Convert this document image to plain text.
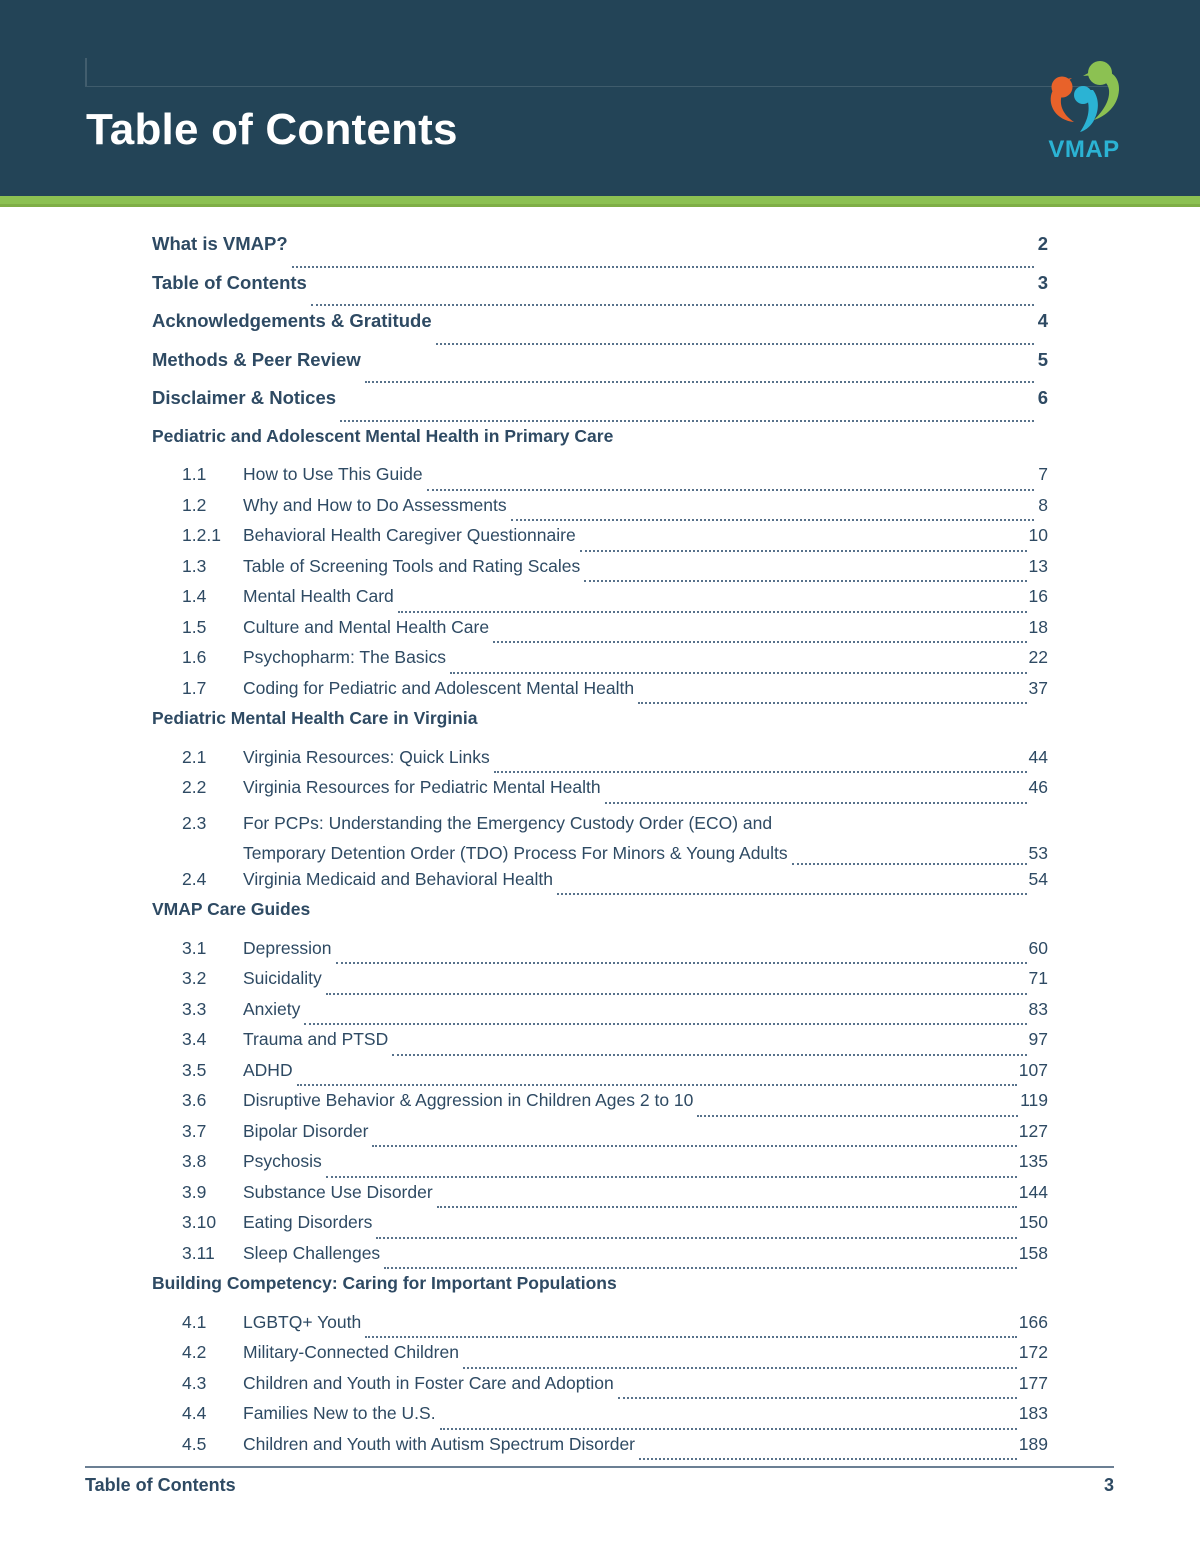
Table of Contents	VMAP
What is VMAP?	2
Table of Contents	3
Acknowledgements & Gratitude	4
Methods & Peer Review	5
Disclaimer & Notices	6
Pediatric and Adolescent Mental Health in Primary Care
1.1	How to Use This Guide	7
1.2	Why and How to Do Assessments	8
1.2.1	Behavioral Health Caregiver Questionnaire	10
1.3	Table of Screening Tools and Rating Scales	13
1.4	Mental Health Card	16
1.5	Culture and Mental Health Care	18
1.6	Psychopharm: The Basics	22
1.7	Coding for Pediatric and Adolescent Mental Health	37
Pediatric Mental Health Care in Virginia
2.1	Virginia Resources: Quick Links	44
2.2	Virginia Resources for Pediatric Mental Health	46
2.3	For PCPs: Understanding the Emergency Custody Order (ECO) and
Temporary Detention Order (TDO) Process For Minors & Young Adults	53
2.4	Virginia Medicaid and Behavioral Health	54
VMAP Care Guides
3.1	Depression	60
3.2	Suicidality	71
3.3	Anxiety	83
3.4	Trauma and PTSD	97
3.5	ADHD	107
3.6	Disruptive Behavior & Aggression in Children Ages 2 to 10	119
3.7	Bipolar Disorder	127
3.8	Psychosis	135
3.9	Substance Use Disorder	144
3.10	Eating Disorders	150
3.11	Sleep Challenges	158
Building Competency: Caring for Important Populations
4.1	LGBTQ+ Youth	166
4.2	Military-Connected Children	172
4.3	Children and Youth in Foster Care and Adoption	177
4.4	Families New to the U.S.	183
4.5	Children and Youth with Autism Spectrum Disorder	189
Table of Contents	3
